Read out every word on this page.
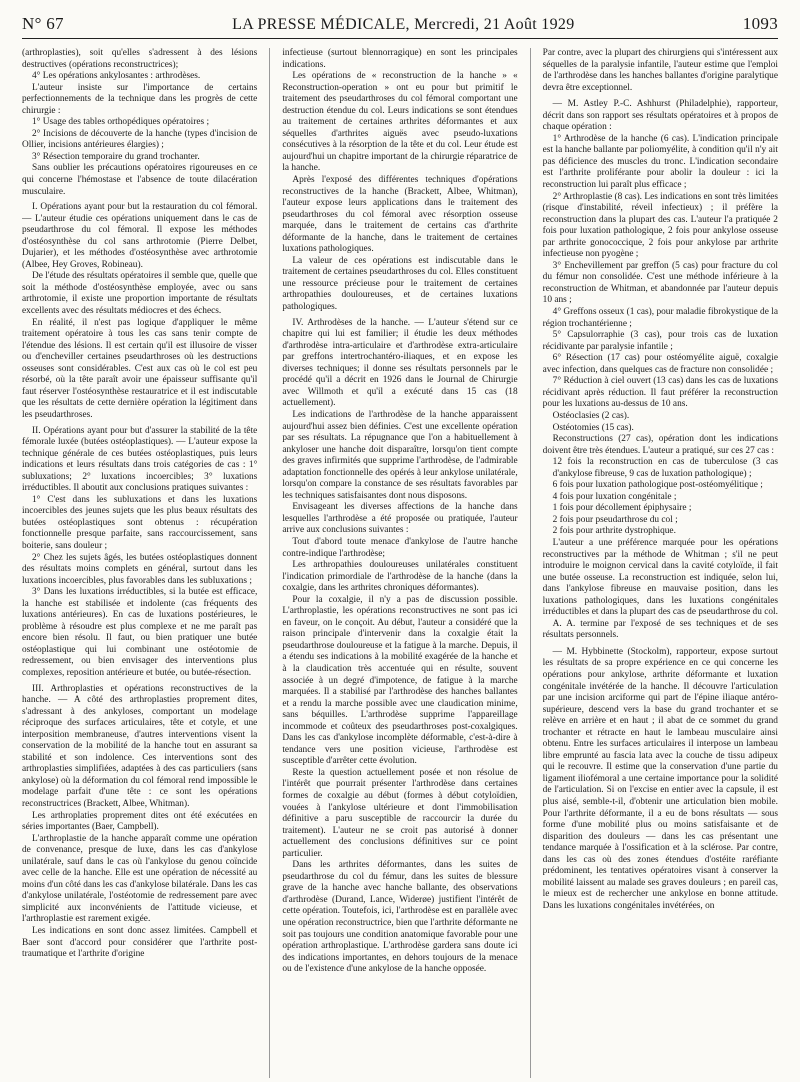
N° 67	LA PRESSE MÉDICALE, Mercredi, 21 Août 1929	1093

(arthroplasties), soit qu'elles s'adressent à des lésions destructives (opérations reconstructrices);

4° Les opérations ankylosantes : arthrodèses.

L'auteur insiste sur l'importance de certains perfectionnements de la technique dans les progrès de cette chirurgie :

1° Usage des tables orthopédiques opératoires ;

2° Incisions de découverte de la hanche (types d'incision de Ollier, incisions antérieures élargies) ;

3° Résection temporaire du grand trochanter.

Sans oublier les précautions opératoires rigoureuses en ce qui concerne l'hémostase et l'absence de toute dilacération musculaire.

I. Opérations ayant pour but la restauration du col fémoral. — L'auteur étudie ces opérations uniquement dans le cas de pseudarthrose du col fémoral. Il expose les méthodes d'ostéosynthèse du col sans arthrotomie (Pierre Delbet, Dujarier), et les méthodes d'ostéosynthèse avec arthrotomie (Albee, Hey Groves, Robineau).

De l'étude des résultats opératoires il semble que, quelle que soit la méthode d'ostéosynthèse employée, avec ou sans arthrotomie, il existe une proportion importante de résultats excellents avec des résultats médiocres et des échecs.

En réalité, il n'est pas logique d'appliquer le même traitement opératoire à tous les cas sans tenir compte de l'étendue des lésions. Il est certain qu'il est illusoire de visser ou d'encheviller certaines pseudarthroses où les destructions osseuses sont considérables. C'est aux cas où le col est peu résorbé, où la tête paraît avoir une épaisseur suffisante qu'il faut réserver l'ostéosynthèse restauratrice et il est indiscutable que les résultats de cette dernière opération la légitiment dans les pseudarthroses.

II. Opérations ayant pour but d'assurer la stabilité de la tête fémorale luxée (butées ostéoplastiques). — L'auteur expose la technique générale de ces butées ostéoplastiques, puis leurs indications et leurs résultats dans trois catégories de cas : 1° subluxations; 2° luxations incoercibles; 3° luxations irréductibles. Il aboutit aux conclusions pratiques suivantes :

1° C'est dans les subluxations et dans les luxations incoercibles des jeunes sujets que les plus beaux résultats des butées ostéoplastiques sont obtenus : récupération fonctionnelle presque parfaite, sans raccourcissement, sans boiterie, sans douleur ;

2° Chez les sujets âgés, les butées ostéoplastiques donnent des résultats moins complets en général, surtout dans les luxations incoercibles, plus favorables dans les subluxations ;

3° Dans les luxations irréductibles, si la butée est efficace, la hanche est stabilisée et indolente (cas fréquents des luxations antérieures). En cas de luxations postérieures, le problème à résoudre est plus complexe et ne me paraît pas encore bien résolu. Il faut, ou bien pratiquer une butée ostéoplastique qui lui combinant une ostéotomie de redressement, ou bien envisager des interventions plus complexes, reposition antérieure et butée, ou butée-résection.

III. Arthroplasties et opérations reconstructives de la hanche. — A côté des arthroplasties proprement dites, s'adressant à des ankyloses, comportant un modelage réciproque des surfaces articulaires, tête et cotyle, et une interposition membraneuse, d'autres interventions visent la conservation de la mobilité de la hanche tout en assurant sa stabilité et son indolence. Ces interventions sont des arthroplasties simplifiées, adaptées à des cas particuliers (sans ankylose) où la déformation du col fémoral rend impossible le modelage parfait d'une tête : ce sont les opérations reconstructrices (Brackett, Albee, Whitman).

Les arthroplaties proprement dites ont été exécutées en séries importantes (Baer, Campbell).

L'arthroplastie de la hanche apparaît comme une opération de convenance, presque de luxe, dans les cas d'ankylose unilatérale, sauf dans le cas où l'ankylose du genou coïncide avec celle de la hanche. Elle est une opération de nécessité au moins d'un côté dans les cas d'ankylose bilatérale. Dans les cas d'ankylose unilatérale, l'ostéotomie de redressement pare avec simplicité aux inconvénients de l'attitude vicieuse, et l'arthroplastie est rarement exigée.

Les indications en sont donc assez limitées. Campbell et Baer sont d'accord pour considérer que l'arthrite post-traumatique et l'arthrite d'origine

infectieuse (surtout blennorragique) en sont les principales indications.

Les opérations de « reconstruction de la hanche » « Reconstruction-operation » ont eu pour but primitif le traitement des pseudarthroses du col fémoral comportant une destruction étendue du col. Leurs indications se sont étendues au traitement de certaines arthrites déformantes et aux séquelles d'arthrites aiguës avec pseudo-luxations consécutives à la résorption de la tête et du col. Leur étude est aujourd'hui un chapitre important de la chirurgie réparatrice de la hanche.

Après l'exposé des différentes techniques d'opérations reconstructives de la hanche (Brackett, Albee, Whitman), l'auteur expose leurs applications dans le traitement des pseudarthroses du col fémoral avec résorption osseuse marquée, dans le traitement de certains cas d'arthrite déformante de la hanche, dans le traitement de certaines luxations pathologiques.

La valeur de ces opérations est indiscutable dans le traitement de certaines pseudarthroses du col. Elles constituent une ressource précieuse pour le traitement de certaines arthropathies douloureuses, et de certaines luxations pathologiques.

IV. Arthrodèses de la hanche. — L'auteur s'étend sur ce chapitre qui lui est familier; il étudie les deux méthodes d'arthrodèse intra-articulaire et d'arthrodèse extra-articulaire par greffons intertrochantéro-iliaques, et en expose les diverses techniques; il donne ses résultats personnels par le procédé qu'il a décrit en 1926 dans le Journal de Chirurgie avec Willmoth et qu'il a exécuté dans 15 cas (18 actuellement).

Les indications de l'arthrodèse de la hanche apparaissent aujourd'hui assez bien définies. C'est une excellente opération par ses résultats. La répugnance que l'on a habituellement à ankyloser une hanche doit disparaître, lorsqu'on tient compte des graves infirmités que supprime l'arthrodèse, de l'admirable adaptation fonctionnelle des opérés à leur ankylose unilatérale, lorsqu'on compare la constance de ses résultats favorables par les techniques satisfaisantes dont nous disposons.

Envisageant les diverses affections de la hanche dans lesquelles l'arthrodèse a été proposée ou pratiquée, l'auteur arrive aux conclusions suivantes :

Tout d'abord toute menace d'ankylose de l'autre hanche contre-indique l'arthrodèse;

Les arthropathies douloureuses unilatérales constituent l'indication primordiale de l'arthrodèse de la hanche (dans la coxalgie, dans les arthrites chroniques déformantes).

Pour la coxalgie, il n'y a pas de discussion possible. L'arthroplastie, les opérations reconstructives ne sont pas ici en faveur, on le conçoit. Au début, l'auteur a considéré que la raison principale d'intervenir dans la coxalgie était la pseudarthrose douloureuse et la fatigue à la marche. Depuis, il a étendu ses indications à la mobilité exagérée de la hanche et à la claudication très accentuée qui en résulte, souvent associée à un degré d'impotence, de fatigue à la marche marquées. Il a stabilisé par l'arthrodèse des hanches ballantes et a rendu la marche possible avec une claudication minime, sans béquilles. L'arthrodèse supprime l'appareillage incommode et coûteux des pseudarthroses post-coxalgiques. Dans les cas d'ankylose incomplète déformable, c'est-à-dire à tendance vers une position vicieuse, l'arthrodèse est susceptible d'arrêter cette évolution.

Reste la question actuellement posée et non résolue de l'intérêt que pourrait présenter l'arthrodèse dans certaines formes de coxalgie au début (formes à début cotyloïdien, vouées à l'ankylose ultérieure et dont l'immobilisation définitive a paru susceptible de raccourcir la durée du traitement). L'auteur ne se croit pas autorisé à donner actuellement des conclusions définitives sur ce point particulier.

Dans les arthrites déformantes, dans les suites de pseudarthrose du col du fémur, dans les suites de blessure grave de la hanche avec hanche ballante, des observations d'arthrodèse (Durand, Lance, Widerøe) justifient l'intérêt de cette opération. Toutefois, ici, l'arthrodèse est en parallèle avec une opération reconstructrice, bien que l'arthrite déformante ne soit pas toujours une condition anatomique favorable pour une opération arthroplastique. L'arthrodèse gardera sans doute ici des indications importantes, en dehors toujours de la menace ou de l'existence d'une ankylose de la hanche opposée.

Par contre, avec la plupart des chirurgiens qui s'intéressent aux séquelles de la paralysie infantile, l'auteur estime que l'emploi de l'arthrodèse dans les hanches ballantes d'origine paralytique devra être exceptionnel.

— M. Astley P.-C. Ashhurst (Philadelphie), rapporteur, décrit dans son rapport ses résultats opératoires et à propos de chaque opération :

1° Arthrodèse de la hanche (6 cas). L'indication principale est la hanche ballante par poliomyélite, à condition qu'il n'y ait pas déficience des muscles du tronc. L'indication secondaire est l'arthrite proliférante pour abolir la douleur : ici la reconstruction lui paraît plus efficace ;

2° Arthroplastie (8 cas). Les indications en sont très limitées (risque d'instabilité, réveil infectieux) ; il préfère la reconstruction dans la plupart des cas. L'auteur l'a pratiquée 2 fois pour luxation pathologique, 2 fois pour ankylose osseuse par arthrite gonococcique, 2 fois pour ankylose par arthrite infectieuse non pyogène ;

3° Enchevillement par greffon (5 cas) pour fracture du col du fémur non consolidée. C'est une méthode inférieure à la reconstruction de Whitman, et abandonnée par l'auteur depuis 10 ans ;

4° Greffons osseux (1 cas), pour maladie fibrokystique de la région trochantérienne ;

5° Capsulorraphie (3 cas), pour trois cas de luxation récidivante par paralysie infantile ;

6° Résection (17 cas) pour ostéomyélite aiguë, coxalgie avec infection, dans quelques cas de fracture non consolidée ;

7° Réduction à ciel ouvert (13 cas) dans les cas de luxations récidivant après réduction. Il faut préférer la reconstruction pour les luxations au-dessus de 10 ans.

Ostéoclasies (2 cas).

Ostéotomies (15 cas).

Reconstructions (27 cas), opération dont les indications doivent être très étendues. L'auteur a pratiqué, sur ces 27 cas :

12 fois la reconstruction en cas de tuberculose (3 cas d'ankylose fibreuse, 9 cas de luxation pathologique) ;

6 fois pour luxation pathologique post-ostéomyélitique ;

4 fois pour luxation congénitale ;

1 fois pour décollement épiphysaire ;

2 fois pour pseudarthrose du col ;

2 fois pour arthrite dystrophique.

L'auteur a une préférence marquée pour les opérations reconstructives par la méthode de Whitman ; s'il ne peut introduire le moignon cervical dans la cavité cotyloïde, il fait une butée osseuse. La reconstruction est indiquée, selon lui, dans l'ankylose fibreuse en mauvaise position, dans les luxations pathologiques, dans les luxations congénitales irréductibles et dans la plupart des cas de pseudarthrose du col.

A. A. termine par l'exposé de ses techniques et de ses résultats personnels.

— M. Hybbinette (Stockolm), rapporteur, expose surtout les résultats de sa propre expérience en ce qui concerne les opérations pour ankylose, arthrite déformante et luxation congénitale invétérée de la hanche. Il découvre l'articulation par une incision arciforme qui part de l'épine iliaque antéro-supérieure, descend vers la base du grand trochanter et se relève en arrière et en haut ; il abat de ce sommet du grand trochanter et rétracte en haut le lambeau musculaire ainsi obtenu. Entre les surfaces articulaires il interpose un lambeau libre emprunté au fascia lata avec la couche de tissu adipeux qui le recouvre. Il estime que la conservation d'une partie du ligament iliofémoral a une certaine importance pour la solidité de l'articulation. Si on l'excise en entier avec la capsule, il est plus aisé, semble-t-il, d'obtenir une articulation bien mobile. Pour l'arthrite déformante, il a eu de bons résultats — sous forme d'une mobilité plus ou moins satisfaisante et de disparition des douleurs — dans les cas présentant une tendance marquée à l'ossification et à la sclérose. Par contre, dans les cas où des zones étendues d'ostéite raréfiante prédominent, les tentatives opératoires visant à conserver la mobilité laissent au malade ses graves douleurs ; en pareil cas, le mieux est de rechercher une ankylose en bonne attitude. Dans les luxations congénitales invétérées, on
